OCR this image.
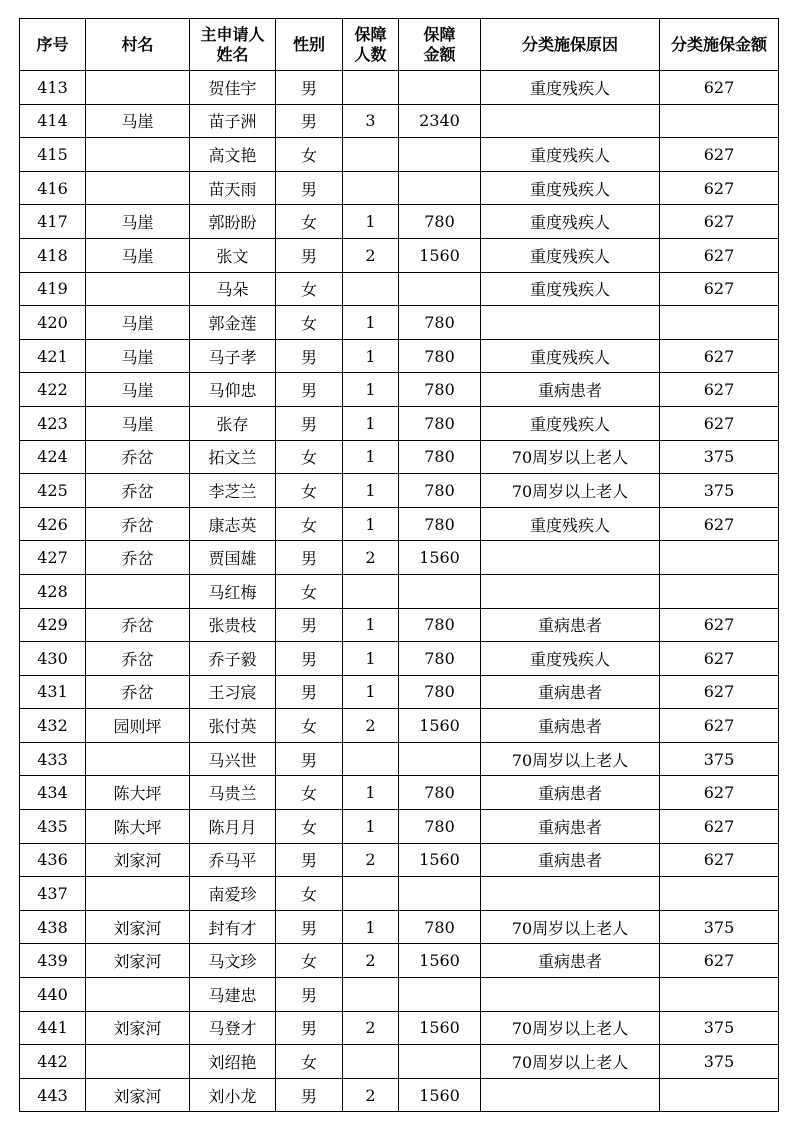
序号	村名	主申请人姓名	性别	保障人数	保障金额	分类施保原因	分类施保金额
413		贺佳宇	男			重度残疾人	627
414	马崖	苗子洲	男	3	2340		
415		高文艳	女			重度残疾人	627
416		苗天雨	男			重度残疾人	627
417	马崖	郭盼盼	女	1	780	重度残疾人	627
418	马崖	张文	男	2	1560	重度残疾人	627
419		马朵	女			重度残疾人	627
420	马崖	郭金莲	女	1	780		
421	马崖	马子孝	男	1	780	重度残疾人	627
422	马崖	马仰忠	男	1	780	重病患者	627
423	马崖	张存	男	1	780	重度残疾人	627
424	乔岔	拓文兰	女	1	780	70周岁以上老人	375
425	乔岔	李芝兰	女	1	780	70周岁以上老人	375
426	乔岔	康志英	女	1	780	重度残疾人	627
427	乔岔	贾国雄	男	2	1560		
428		马红梅	女				
429	乔岔	张贵枝	男	1	780	重病患者	627
430	乔岔	乔子毅	男	1	780	重度残疾人	627
431	乔岔	王习宸	男	1	780	重病患者	627
432	园则坪	张付英	女	2	1560	重病患者	627
433		马兴世	男			70周岁以上老人	375
434	陈大坪	马贵兰	女	1	780	重病患者	627
435	陈大坪	陈月月	女	1	780	重病患者	627
436	刘家河	乔马平	男	2	1560	重病患者	627
437		南爱珍	女				
438	刘家河	封有才	男	1	780	70周岁以上老人	375
439	刘家河	马文珍	女	2	1560	重病患者	627
440		马建忠	男				
441	刘家河	马登才	男	2	1560	70周岁以上老人	375
442		刘绍艳	女			70周岁以上老人	375
443	刘家河	刘小龙	男	2	1560		
